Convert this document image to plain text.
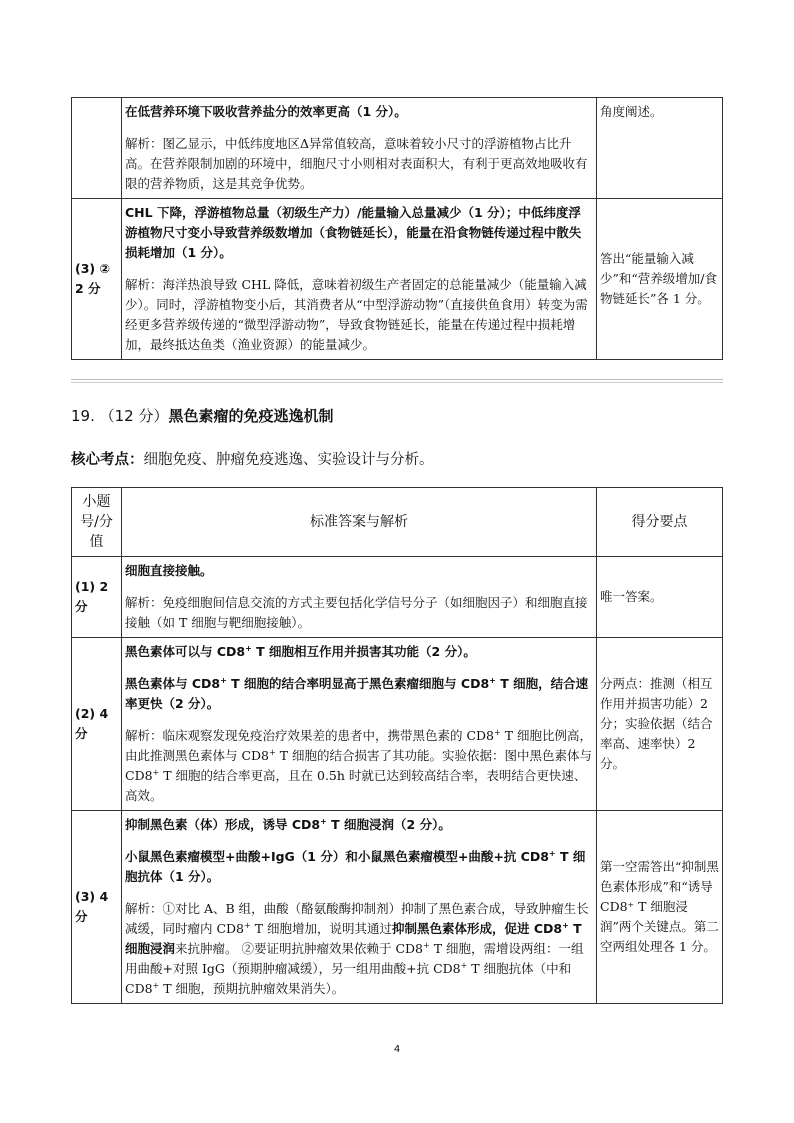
	在低营养环境下吸收营养盐分的效率更高（1 分）。
解析：图乙显示，中低纬度地区Δ异常值较高，意味着较小尺寸的浮游植物占比升高。在营养限制加剧的环境中，细胞尺寸小则相对表面积大，有利于更高效地吸收有限的营养物质，这是其竞争优势。	角度阐述。
(3) ② 2 分	CHL 下降，浮游植物总量（初级生产力）/能量输入总量减少（1 分）；中低纬度浮游植物尺寸变小导致营养级数增加（食物链延长），能量在沿食物链传递过程中散失损耗增加（1 分）。
解析：海洋热浪导致 CHL 降低，意味着初级生产者固定的总能量减少（能量输入减少）。同时，浮游植物变小后，其消费者从“中型浮游动物”（直接供鱼食用）转变为需经更多营养级传递的“微型浮游动物”，导致食物链延长，能量在传递过程中损耗增加，最终抵达鱼类（渔业资源）的能量减少。	答出“能量输入减少”和“营养级增加/食物链延长”各 1 分。
19. （12 分）黑色素瘤的免疫逃逸机制
核心考点：细胞免疫、肿瘤免疫逃逸、实验设计与分析。
小题号/分值	标准答案与解析	得分要点
(1) 2 分	细胞直接接触。
解析：免疫细胞间信息交流的方式主要包括化学信号分子（如细胞因子）和细胞直接接触（如 T 细胞与靶细胞接触）。	唯一答案。
(2) 4 分	黑色素体可以与 CD8+ T 细胞相互作用并损害其功能（2 分）。
黑色素体与 CD8+ T 细胞的结合率明显高于黑色素瘤细胞与 CD8+ T 细胞，结合速率更快（2 分）。
解析：临床观察发现免疫治疗效果差的患者中，携带黑色素的 CD8+ T 细胞比例高，由此推测黑色素体与 CD8+ T 细胞的结合损害了其功能。实验依据：图中黑色素体与 CD8+ T 细胞的结合率更高，且在 0.5h 时就已达到较高结合率，表明结合更快速、高效。	分两点：推测（相互作用并损害功能）2 分；实验依据（结合率高、速率快）2 分。
(3) 4 分	抑制黑色素（体）形成，诱导 CD8+ T 细胞浸润（2 分）。
小鼠黑色素瘤模型+曲酸+IgG（1 分）和小鼠黑色素瘤模型+曲酸+抗 CD8+ T 细胞抗体（1 分）。
解析：①对比 A、B 组，曲酸（酪氨酸酶抑制剂）抑制了黑色素合成，导致肿瘤生长减缓，同时瘤内 CD8+ T 细胞增加，说明其通过抑制黑色素体形成，促进 CD8+ T 细胞浸润来抗肿瘤。 ②要证明抗肿瘤效果依赖于 CD8+ T 细胞，需增设两组：一组用曲酸+对照 IgG（预期肿瘤减缓），另一组用曲酸+抗 CD8+ T 细胞抗体（中和 CD8+ T 细胞，预期抗肿瘤效果消失）。	第一空需答出“抑制黑色素体形成”和“诱导 CD8⁺ T 细胞浸润”两个关键点。第二空两组处理各 1 分。
4
